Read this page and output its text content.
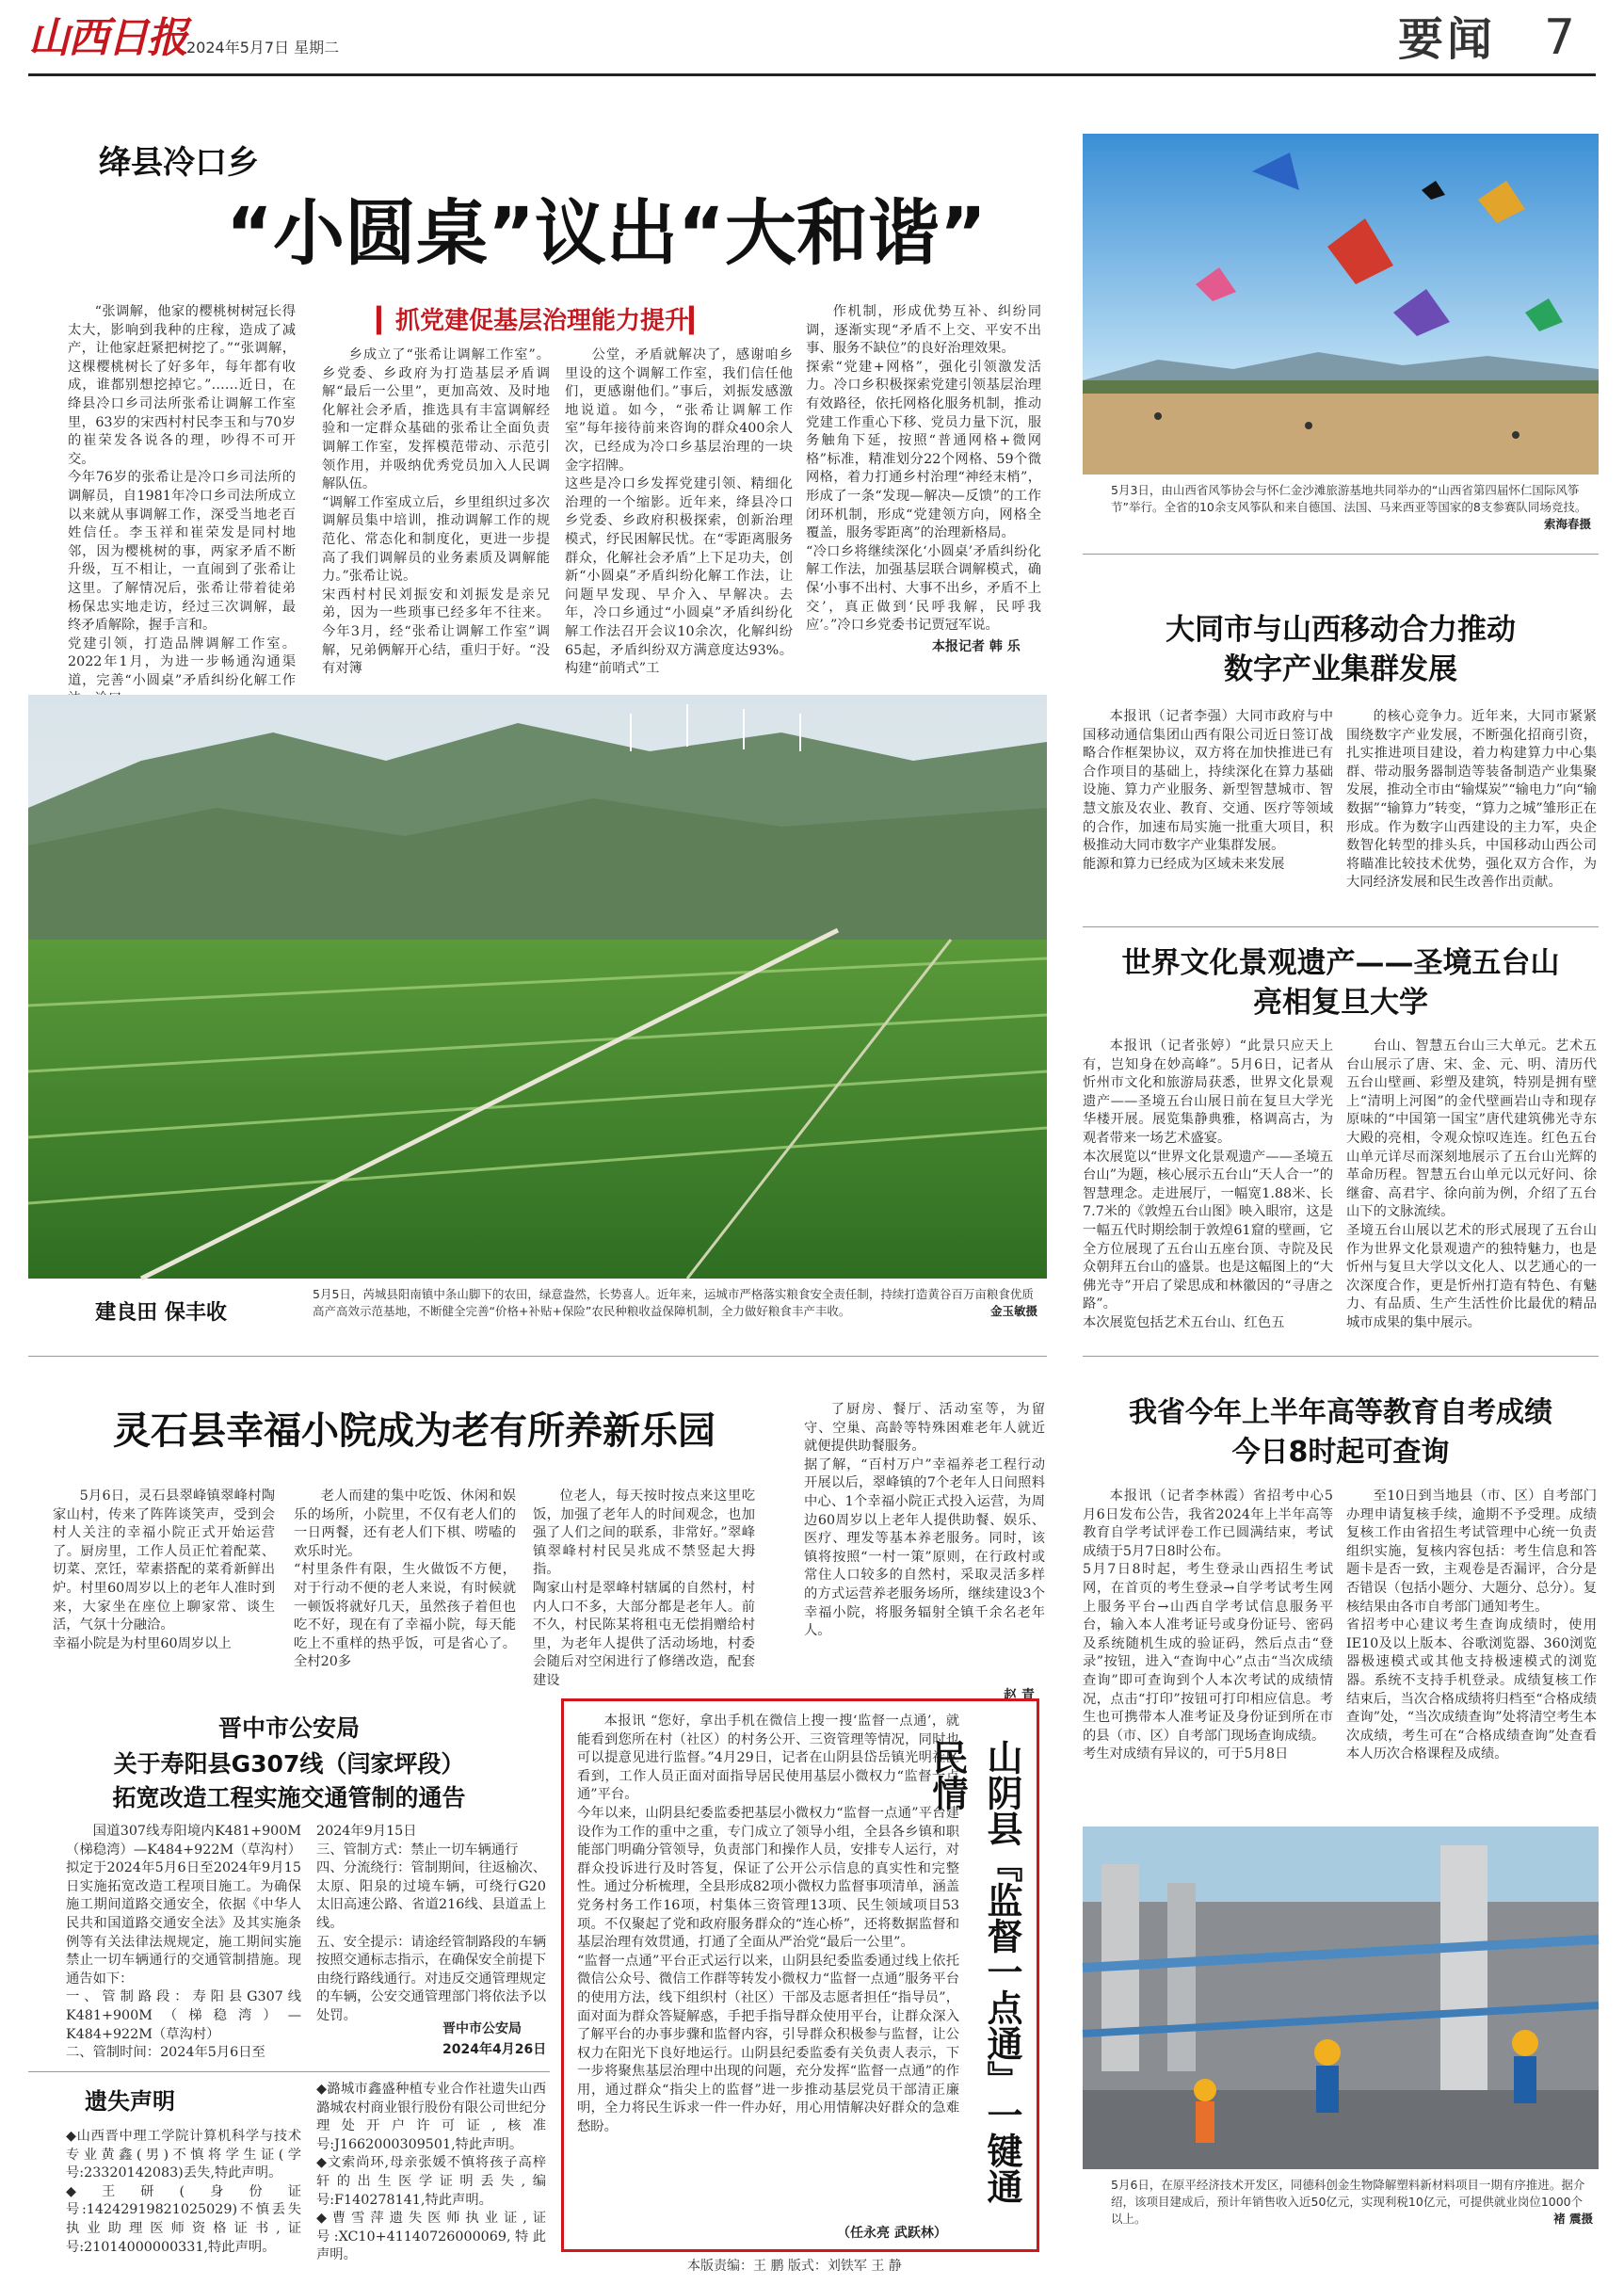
山西日报 2024年5月7日 星期二	要闻 7
绛县冷口乡
“小圆桌”议出“大和谐”
▎抓党建促基层治理能力提升▎
“张调解，他家的樱桃树树冠长得太大，影响到我种的庄稼，造成了减产，让他家赶紧把树挖了。”“张调解，这棵樱桃树长了好多年，每年都有收成，谁都别想挖掉它。”……近日，在绛县冷口乡司法所张希让调解工作室里，63岁的宋西村村民李玉和与70岁的崔荣发各说各的理，吵得不可开交。
今年76岁的张希让是冷口乡司法所的调解员，自1981年冷口乡司法所成立以来就从事调解工作，深受当地老百姓信任。李玉祥和崔荣发是同村地邻，因为樱桃树的事，两家矛盾不断升级，互不相让，一直闹到了张希让这里。了解情况后，张希让带着徒弟杨保忠实地走访，经过三次调解，最终矛盾解除，握手言和。
党建引领，打造品牌调解工作室。2022年1月，为进一步畅通沟通渠道，完善“小圆桌”矛盾纠纷化解工作
乡成立了“张希让调解工作室”。乡党委、乡政府为打造基层矛盾调解“最后一公里”，更加高效、及时地化解社会矛盾，推选具有丰富调解经验和一定群众基础的张希让全面负责调解工作室，发挥模范带动、示范引领作用，并吸纳优秀党员加入人民调解队伍。
“调解工作室成立后，乡里组织过多次调解员集中培训，推动调解工作的规范化、常态化和制度化，更进一步提高了我们调解员的业务素质及调解能力。”张希让说。
宋西村村民刘振安和刘振发是亲兄弟，因为一些琐事已经多年不往来。今年3月，经“张希让调解工作室”调解，兄弟俩解开心结，重归于好。“没有对簿
公堂，矛盾就解决了，感谢咱乡里设的这个调解工作室，我们信任他们，更感谢他们。”事后，刘振发感激地说道。如今，“张希让调解工作室”每年接待前来咨询的群众400余人次，已经成为冷口乡基层治理的一块金字招牌。
这些是冷口乡发挥党建引领、精细化治理的一个缩影。近年来，绛县冷口乡党委、乡政府积极探索，创新治理模式，纾民困解民忧。在“零距离服务群众，化解社会矛盾”上下足功夫，创新“小圆桌”矛盾纠纷化解工作法，让问题早发现、早介入、早解决。去年，冷口乡通过“小圆桌”矛盾纠纷化解工作法召开会议10余次，化解纠纷65起，矛盾纠纷双方满意度达93%。构建“前哨式”工
作机制，形成优势互补、纠纷同调，逐渐实现“矛盾不上交、平安不出事、服务不缺位”的良好治理效果。
探索“党建+网格”，强化引领激发活力。冷口乡积极探索党建引领基层治理有效路径，依托网格化服务机制，推动党建工作重心下移、党员力量下沉，服务触角下延，按照“普通网格+微网格”标准，精准划分22个网格、59个微网格，着力打通乡村治理“神经末梢”，形成了一条“发现—解决—反馈”的工作闭环机制，形成“党建领方向，网格全覆盖，服务零距离”的治理新格局。
“冷口乡将继续深化‘小圆桌’矛盾纠纷化解工作法，加强基层联合调解模式，确保‘小事不出村、大事不出乡，矛盾不上交’，真正做到‘民呼我解，民呼我应’。”冷口乡党委书记贾冠军说。
本报记者 韩 乐
5月3日，由山西省风筝协会与怀仁金沙滩旅游基地共同举办的“山西省第四届怀仁国际风筝节”举行。全省的10余支风筝队和来自德国、法国、马来西亚等国家的8支参赛队同场竞技。
索海春摄
大同市与山西移动合力推动
数字产业集群发展
本报讯（记者李强）大同市政府与中国移动通信集团山西有限公司近日签订战略合作框架协议，双方将在加快推进已有合作项目的基础上，持续深化在算力基础设施、算力产业服务、新型智慧城市、智慧文旅及农业、教育、交通、医疗等领域的合作，加速布局实施一批重大项目，积极推动大同市数字产业集群发展。
能源和算力已经成为区域未来发展
的核心竞争力。近年来，大同市紧紧围绕数字产业发展，不断强化招商引资，扎实推进项目建设，着力构建算力中心集群、带动服务器制造等装备制造产业集聚发展，推动全市由“输煤炭”“输电力”向“输数据”“输算力”转变，“算力之城”雏形正在形成。作为数字山西建设的主力军，央企数智化转型的排头兵，中国移动山西公司将瞄准比较技术优势，强化双方合作，为大同经济发展和民生改善作出贡献。
世界文化景观遗产——圣境五台山
亮相复旦大学
本报讯（记者张婷）“此景只应天上有，岂知身在妙高峰”。5月6日，记者从忻州市文化和旅游局获悉，世界文化景观遗产——圣境五台山展日前在复旦大学光华楼开展。展览集静典雅，格调高古，为观者带来一场艺术盛宴。
本次展览以“世界文化景观遗产——圣境五台山”为题，核心展示五台山“天人合一”的智慧理念。走进展厅，一幅宽1.88米、长7.7米的《敦煌五台山图》映入眼帘，这是一幅五代时期绘制于敦煌61窟的壁画，它全方位展现了五台山五座台顶、寺院及民众朝拜五台山的盛景。也是这幅图上的“大佛光寺”开启了梁思成和林徽因的“寻唐之路”。
本次展览包括艺术五台山、红色五
台山、智慧五台山三大单元。艺术五台山展示了唐、宋、金、元、明、清历代五台山壁画、彩塑及建筑，特别是拥有壁上“清明上河图”的金代壁画岩山寺和现存原味的“中国第一国宝”唐代建筑佛光寺东大殿的亮相，令观众惊叹连连。红色五台山单元详尽而深刻地展示了五台山光辉的革命历程。智慧五台山单元以元好问、徐继畲、高君宇、徐向前为例，介绍了五台山下的文脉流续。
圣境五台山展以艺术的形式展现了五台山作为世界文化景观遗产的独特魅力，也是忻州与复旦大学以文化人、以艺通心的一次深度合作，更是忻州打造有特色、有魅力、有品质、生产生活性价比最优的精品城市成果的集中展示。
建良田 保丰收
5月5日，芮城县阳南镇中条山脚下的农田，绿意盎然，长势喜人。近年来，运城市严格落实粮食安全责任制，持续打造黄谷百万亩粮食优质高产高效示范基地，不断健全完善“价格+补贴+保险”农民种粮收益保障机制，全力做好粮食丰产丰收。	金玉敏摄
灵石县幸福小院成为老有所养新乐园
5月6日，灵石县翠峰镇翠峰村陶家山村，传来了阵阵谈笑声，受到会村人关注的幸福小院正式开始运营了。厨房里，工作人员正忙着配菜、切菜、烹饪，荤素搭配的菜肴新鲜出炉。村里60周岁以上的老年人准时到来，大家坐在座位上聊家常、谈生活，气氛十分融洽。
幸福小院是为村里60周岁以上
老人而建的集中吃饭、休闲和娱乐的场所，小院里，不仅有老人们的一日两餐，还有老人们下棋、唠嗑的欢乐时光。
“村里条件有限，生火做饭不方便，对于行动不便的老人来说，有时候就一顿饭将就好几天，虽然孩子着但也吃不好，现在有了幸福小院，每天能吃上不重样的热乎饭，可是省心了。全村20多
位老人，每天按时按点来这里吃饭，加强了老年人的时间观念，也加强了人们之间的联系，非常好。”翠峰镇翠峰村村民吴兆成不禁竖起大拇指。
陶家山村是翠峰村辖属的自然村，村内人口不多，大部分都是老年人。前不久，村民陈某将租屯无偿捐赠给村里，为老年人提供了活动场地，村委会随后对空闲进行了修缮改造，配套建设
了厨房、餐厅、活动室等，为留守、空巢、高龄等特殊困难老年人就近就便提供助餐服务。
据了解，“百村万户”幸福养老工程行动开展以后，翠峰镇的7个老年人日间照料中心、1个幸福小院正式投入运营，为周边60周岁以上老年人提供助餐、娱乐、医疗、理发等基本养老服务。同时，该镇将按照“一村一策”原则，在行政村或常住人口较多的自然村，采取灵活多样的方式运营养老服务场所，继续建设3个幸福小院，将服务辐射全镇千余名老年人。
赵 青
我省今年上半年高等教育自考成绩
今日8时起可查询
本报讯（记者李林霞）省招考中心5月6日发布公告，我省2024年上半年高等教育自学考试评卷工作已圆满结束，考试成绩于5月7日8时公布。
5月7日8时起，考生登录山西招生考试网，在首页的考生登录→自学考试考生网上服务平台→山西自学考试信息服务平台，输入本人准考证号或身份证号、密码及系统随机生成的验证码，然后点击“登录”按钮，进入“查询中心”点击“当次成绩查询”即可查询到个人本次考试的成绩情况，点击“打印”按钮可打印相应信息。考生也可携带本人准考证及身份证到所在市的县（市、区）自考部门现场查询成绩。
考生对成绩有异议的，可于5月8日
至10日到当地县（市、区）自考部门办理申请复核手续，逾期不予受理。成绩复核工作由省招生考试管理中心统一负责组织实施，复核内容包括：考生信息和答题卡是否一致，主观卷是否漏评，合分是否错误（包括小题分、大题分、总分）。复核结果由各市自考部门通知考生。
省招考中心建议考生查询成绩时，使用IE10及以上版本、谷歌浏览器、360浏览器极速模式或其他支持极速模式的浏览器。系统不支持手机登录。成绩复核工作结束后，当次合格成绩将归档至“合格成绩查询”处，“当次成绩查询”处将清空考生本次成绩，考生可在“合格成绩查询”处查看本人历次合格课程及成绩。
晋中市公安局
关于寿阳县G307线（闫家坪段）
拓宽改造工程实施交通管制的通告
国道307线寿阳境内K481+900M（梯稳湾）—K484+922M（草沟村）拟定于2024年5月6日至2024年9月15日实施拓宽改造工程项目施工。为确保施工期间道路交通安全，依据《中华人民共和国道路交通安全法》及其实施条例等有关法律法规规定，施工期间实施禁止一切车辆通行的交通管制措施。现通告如下：
一、管制路段：寿阳县G307线K481+900M（梯稳湾）—K484+922M（草沟村）
二、管制时间：2024年5月6日至
2024年9月15日
三、管制方式：禁止一切车辆通行
四、分流绕行：管制期间，往返榆次、太原、阳泉的过境车辆，可绕行G20太旧高速公路、省道216线、县道盂上线。
五、安全提示：请途经管制路段的车辆按照交通标志指示，在确保安全前提下由绕行路线通行。对违反交通管理规定的车辆，公安交通管理部门将依法予以处罚。
晋中市公安局
2024年4月26日
遗失声明
◆山西晋中理工学院计算机科学与技术专业黄鑫(男)不慎将学生证(学号:23320142083)丢失,特此声明。
◆王研(身份证号:14242919821025029)不慎丢失执业助理医师资格证书,证号:21014000000331,特此声明。
◆潞城市鑫盛种植专业合作社遗失山西潞城农村商业银行股份有限公司世纪分理处开户许可证,核准号:J1662000309501,特此声明。
◆文索尚环,母亲张媛不慎将孩子高梓轩的出生医学证明丢失,编号:F140278141,特此声明。
◆曹雪萍遗失医师执业证,证号:XC10+41140726000069,特此声明。
本报讯 “您好，拿出手机在微信上搜一搜‘监督一点通’，就能看到您所在村（社区）的村务公开、三资管理等情况，同时也可以提意见进行监督。”4月29日，记者在山阴县岱岳镇光明社区看到，工作人员正面对面指导居民使用基层小微权力“监督一点通”平台。
今年以来，山阴县纪委监委把基层小微权力“监督一点通”平台建设作为工作的重中之重，专门成立了领导小组，全县各乡镇和职能部门明确分管领导，负责部门和操作人员，安排专人运行，对群众投诉进行及时答复，保证了公开公示信息的真实性和完整性。通过分析梳理，全县形成82项小微权力监督事项清单，涵盖党务村务工作16项，村集体三资管理13项、民生领域项目53项。不仅聚起了党和政府服务群众的“连心桥”，还将数据监督和基层治理有效贯通，打通了全面从严治党“最后一公里”。
“监督一点通”平台正式运行以来，山阴县纪委监委通过线上依托微信公众号、微信工作群等转发小微权力“监督一点通”服务平台的使用方法，线下组织村（社区）干部及志愿者担任“指导员”，面对面为群众答疑解惑，手把手指导群众使用平台，让群众深入了解平台的办事步骤和监督内容，引导群众积极参与监督，让公权力在阳光下良好地运行。山阴县纪委监委有关负责人表示，下一步将聚焦基层治理中出现的问题，充分发挥“监督一点通”的作用，通过群众“指尖上的监督”进一步推动基层党员干部清正廉明，全力将民生诉求一件一件办好，用心用情解决好群众的急难愁盼。
（任永亮 武跃林）
山阴县『监督一点通』一键通民情
5月6日，在原平经济技术开发区，同德科创金生物降解塑料新材料项目一期有序推进。据介绍，该项目建成后，预计年销售收入近50亿元，实现利税10亿元，可提供就业岗位1000个以上。	褚 震摄
本版责编：王 鹏 版式：刘铁军 王 静
